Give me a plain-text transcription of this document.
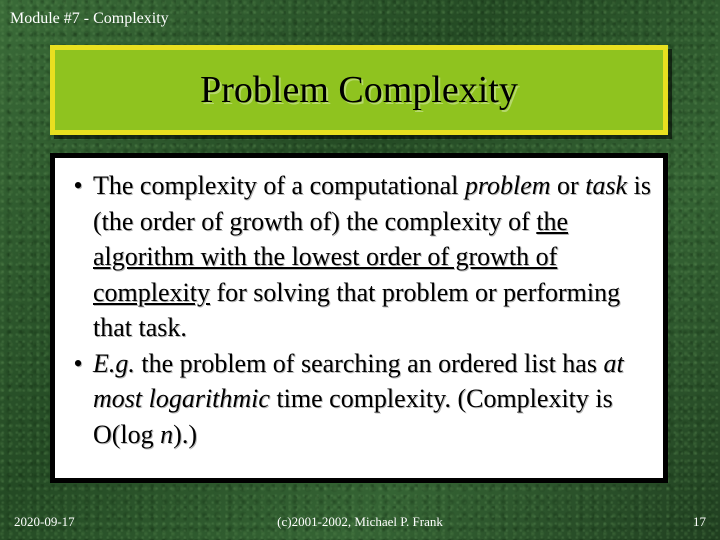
Module #7 - Complexity
Problem Complexity
• The complexity of a computational problem or task is (the order of growth of) the complexity of the algorithm with the lowest order of growth of complexity for solving that problem or performing that task.
• E.g. the problem of searching an ordered list has at most logarithmic time complexity. (Complexity is O(log n).)
2020-09-17	(c)2001-2002, Michael P. Frank	17
